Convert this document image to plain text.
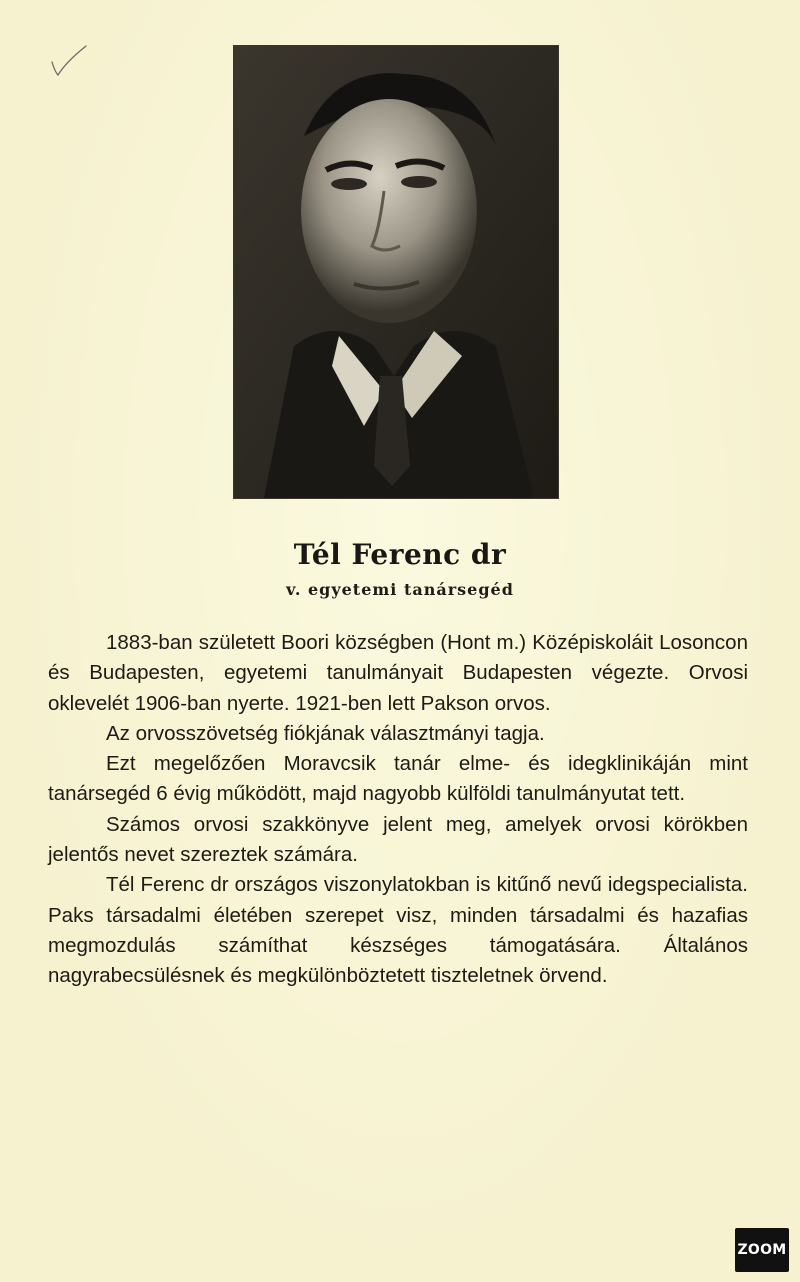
Tél Ferenc dr
v. egyetemi tanársegéd

1883-ban született Boori községben (Hont m.) Középiskoláit Losoncon és Budapesten, egyetemi tanulmányait Budapesten végezte. Orvosi oklevelét 1906-ban nyerte. 1921-ben lett Pakson orvos.

Az orvosszövetség fiókjának választmányi tagja.

Ezt megelőzően Moravcsik tanár elme- és idegklinikáján mint tanársegéd 6 évig működött, majd nagyobb külföldi tanulmányutat tett.

Számos orvosi szakkönyve jelent meg, amelyek orvosi körökben jelentős nevet szereztek számára.

Tél Ferenc dr országos viszonylatokban is kitűnő nevű idegspecialista. Paks társadalmi életében szerepet visz, minden társadalmi és hazafias megmozdulás számíthat készséges támogatására. Általános nagyrabecsülésnek és megkülönböztetett tiszteletnek örvend.

ZOOM
